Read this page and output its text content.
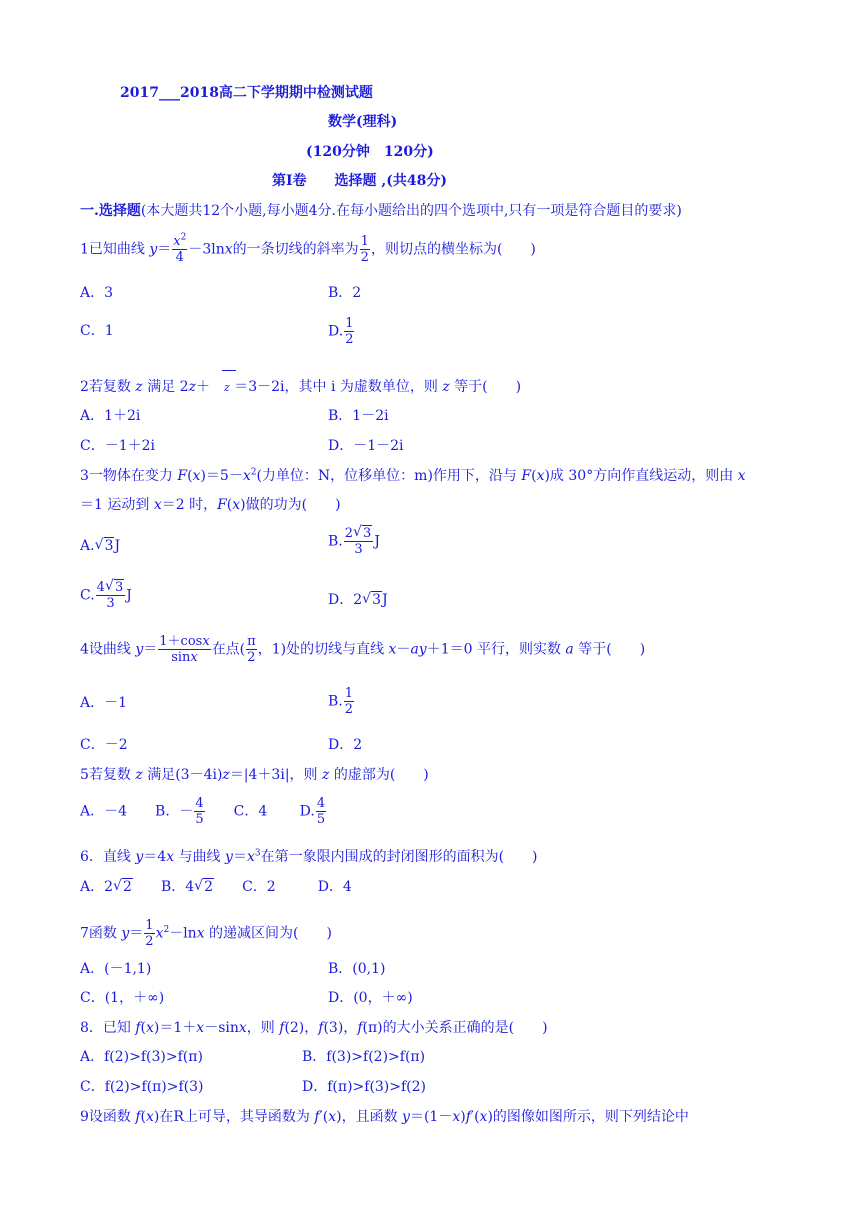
2017___2018高二下学期期中检测试题
数学(理科)
(120分钟　120分)
第Ⅰ卷　　选择题 ,(共48分)
一.选择题(本大题共12个小题,每小题4分.在每小题给出的四个选项中,只有一项是符合题目的要求)
1已知曲线 $y= \frac{x^2}{4} -3\ln x$的一条切线的斜率为 $\frac{1}{2}$ ，则切点的横坐标为(　　)
A．3	B．2
C．1	D. $\frac{1}{2}$
2若复数 z 满足 2z＋　z ＝3－2i，其中 i 为虚数单位，则 z 等于(　　)
A．1＋2i	B．1－2i
C．－1＋2i	D．－1－2i
3一物体在变力 $F(x)=5-x^2$(力单位：N，位移单位：m)作用下，沿与 F(x)成 30°方向作直线运动，则由 x
＝1 运动到 x＝2 时，F(x)做的功为(　　)
A. √ 3J	B. $\frac{2 √ 3}{3}$ J
C. $\frac{4 √ 3}{3}$ J	D．2 √ 3J
4设曲线 $y= \frac{1+\cos x}{\sin x}$ 在点( $\frac{\pi}{2}$ ，1)处的切线与直线 x－ay＋1＝0 平行，则实数 a 等于(　　)
A．－1	B. $\frac{1}{2}$
C．－2	D．2
5若复数 z 满足(3－4i)z＝|4＋3i|，则 z 的虚部为(　　)
A．－4　　B．－ $\frac{4}{5}$
　　 C．4　　 D. $\frac{4}{5}$
6．直线 y＝4x 与曲线 $y=x^3$在第一象限内围成的封闭图形的面积为(　　)
A．2 √ 2　　B．4 √ 2　　 C．2　　　	D．4
7函数 $y= \frac{1}{2} x^2-\ln x$ 的递减区间为(　　)
A．(－1,1)	B．(0,1)
C．(1，＋∞)	D．(0，＋∞)
8．已知 f(x)＝1＋x－sinx，则 f(2)，f(3)，f(π)的大小关系正确的是(　　)
A．f(2)>f(3)>f(π)	B．f(3)>f(2)>f(π)
C．f(2)>f(π)>f(3)	D．f(π)>f(3)>f(2)
9设函数 f(x)在R上可导，其导函数为 f′(x)，且函数 y＝(1－x)f′(x)的图像如图所示，则下列结论中
